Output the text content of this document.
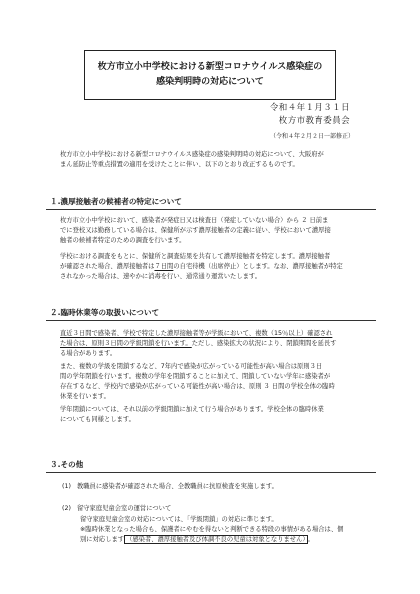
枚方市立小中学校における新型コロナウイルス感染症の
感染判明時の対応について
令和４年１月３１日
枚方市教育委員会
（令和４年２月２日一部修正）
枚方市立小中学校における新型コロナウイルス感染症の感染判明時の対応について、大阪府が
まん延防止等重点措置の適用を受けたことに伴い、以下のとおり改正するものです。
１.濃厚接触者の候補者の特定について
枚方市立小中学校において、感染者が発症日又は検査日（発症していない場合）から ２ 日前ま
でに登校又は勤務している場合は、保健所が示す濃厚接触者の定義に従い、学校において濃厚接
触者の候補者特定のための調査を行います。
学校における調査をもとに、保健所と調査結果を共有して濃厚接触者を特定します。濃厚接触者
が確認された場合、濃厚接触者は７日間の自宅待機（出席停止）とします。なお、濃厚接触者が特定
されなかった場合は、速やかに消毒を行い、通常通り運営いたします。
２.臨時休業等の取扱いについて
直近３日間で感染者、学校で特定した濃厚接触者等が学級において、複数（15％以上）確認され
た場合は、原則３日間の学級閉鎖を行います。ただし、感染拡大の状況により、閉鎖期間を延長す
る場合があります。
また、複数の学級を閉鎖するなど、7年内で感染が広がっている可能性が高い場合は原則３日
間の学年閉鎖を行います。複数の学年を閉鎖することに加えて、閉鎖していない学年に感染者が
存在するなど、学校内で感染が広がっている可能性が高い場合は、原則 ３ 日間の学校全体の臨時
休業を行います。
学年閉鎖については、それ以前の学級閉鎖に加えて行う場合があります。学校全体の臨時休業
についても同様とします。
３.その他
(1) 教職員に感染者が確認された場合、全教職員に抗原検査を実施します。
(2) 留守家庭児童会室の運営について
留守家庭児童会室の対応については、「学級閉鎖」の対応に準じます。
※臨時休業となった場合も、保護者にやむを得ないと判断できる特段の事情がある場合は、個
別に対応します （感染者、濃厚接触者及び体調不良の児童は対象となりません） 。
